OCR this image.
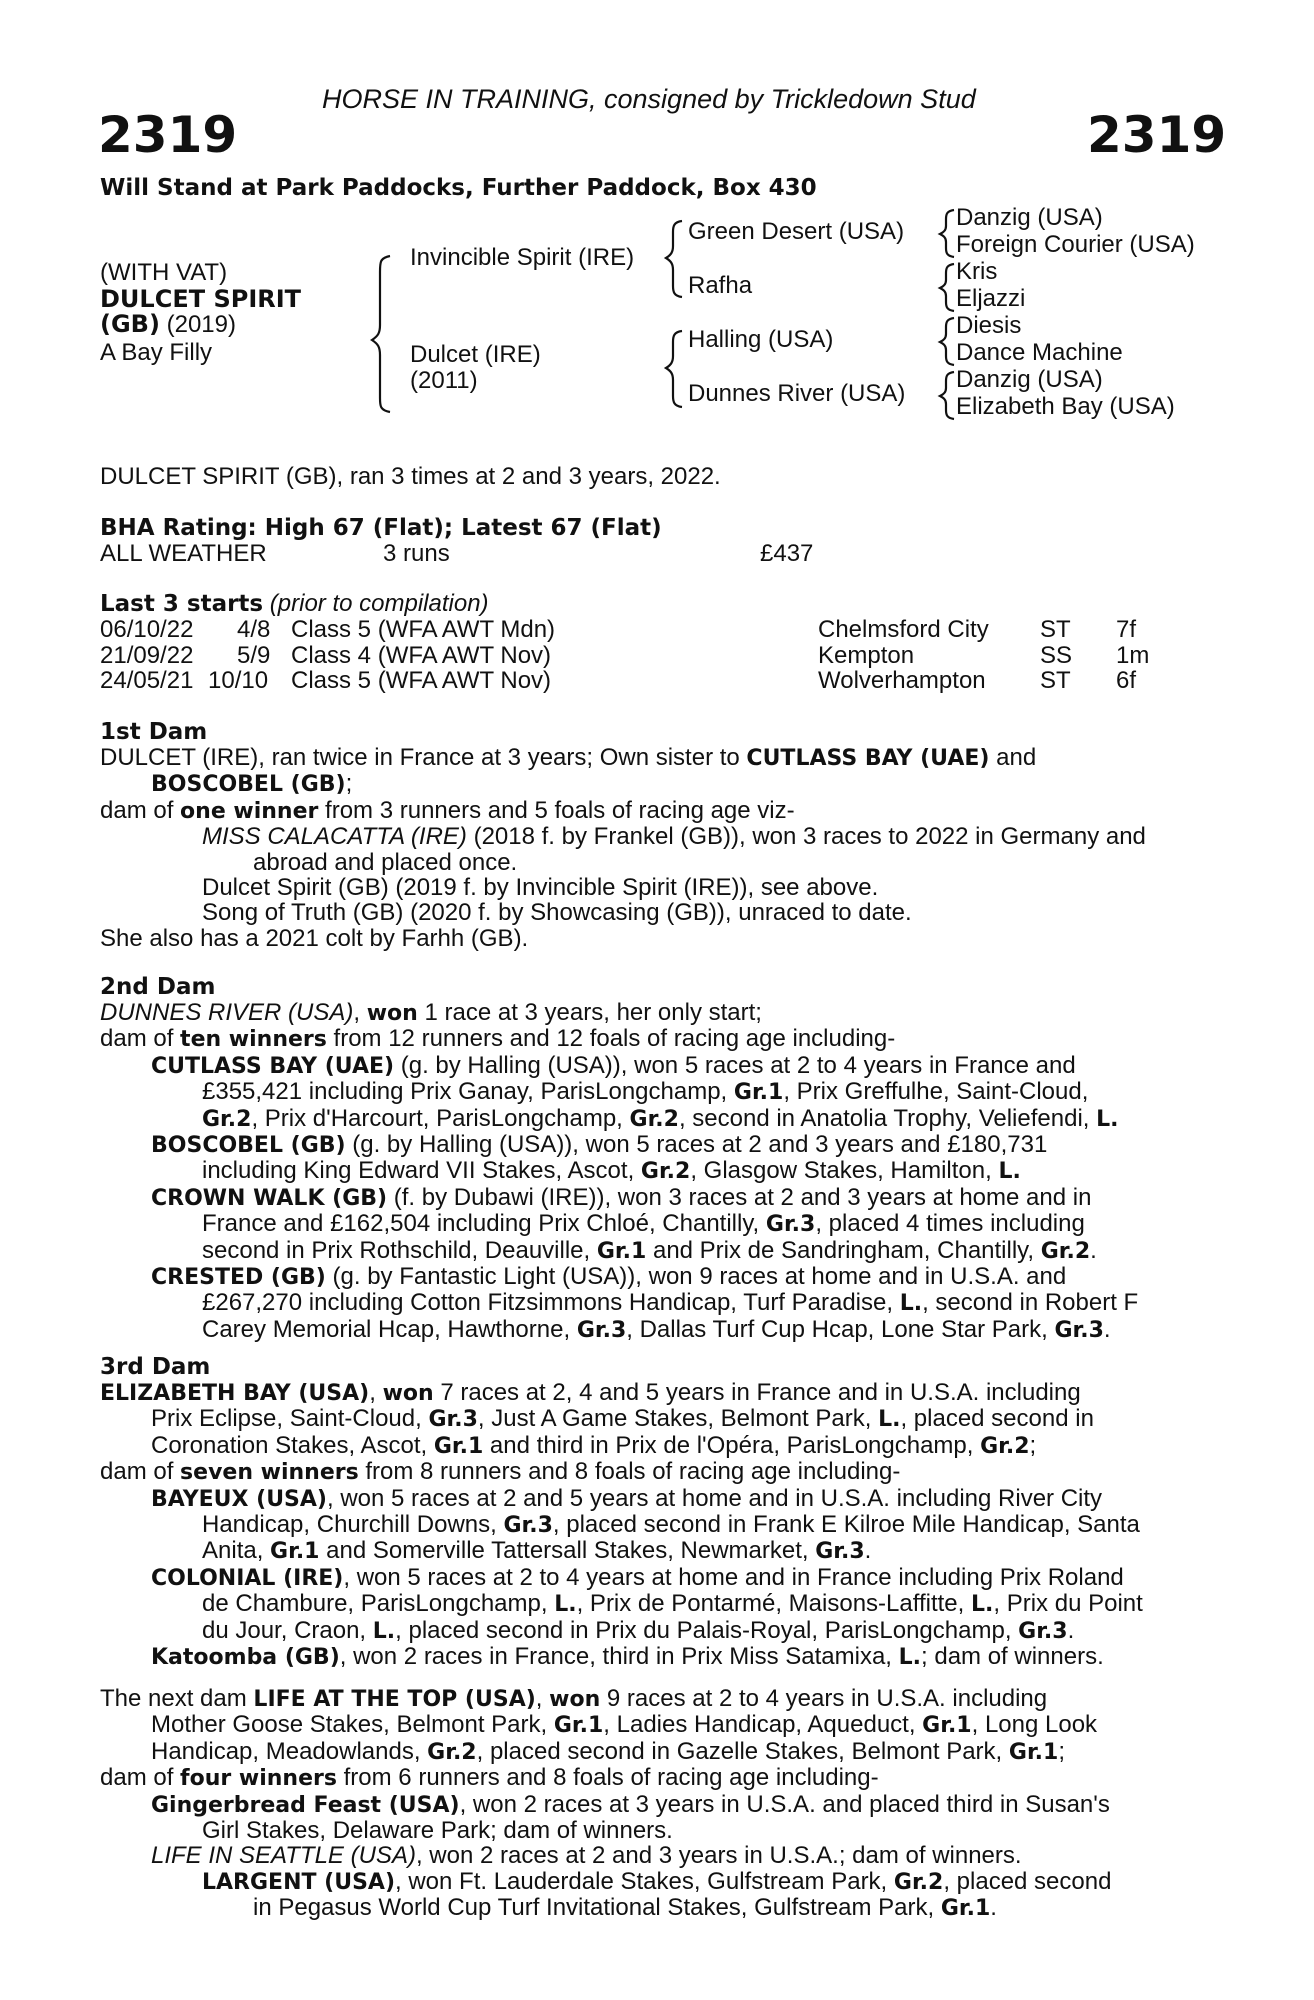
HORSE IN TRAINING, consigned by Trickledown Stud
2319	2319
Will Stand at Park Paddocks, Further Paddock, Box 430
(WITH VAT)
DULCET SPIRIT
(GB) (2019)
A Bay Filly
Invincible Spirit (IRE)
Dulcet (IRE)
(2011)
Green Desert (USA)
Rafha
Halling (USA)
Dunnes River (USA)
Danzig (USA)
Foreign Courier (USA)
Kris
Eljazzi
Diesis
Dance Machine
Danzig (USA)
Elizabeth Bay (USA)
DULCET SPIRIT (GB), ran 3 times at 2 and 3 years, 2022.
BHA Rating: High 67 (Flat); Latest 67 (Flat)
ALL WEATHER	3 runs	£437
Last 3 starts (prior to compilation)
06/10/22 4/8 Class 5 (WFA AWT Mdn)	Chelmsford City ST 7f
21/09/22 5/9 Class 4 (WFA AWT Nov)	Kempton	SS 1m
24/05/21 10/10 Class 5 (WFA AWT Nov)	Wolverhampton ST 6f
1st Dam
DULCET (IRE), ran twice in France at 3 years; Own sister to CUTLASS BAY (UAE) and
BOSCOBEL (GB);
dam of one winner from 3 runners and 5 foals of racing age viz-
MISS CALACATTA (IRE) (2018 f. by Frankel (GB)), won 3 races to 2022 in Germany and
abroad and placed once.
Dulcet Spirit (GB) (2019 f. by Invincible Spirit (IRE)), see above.
Song of Truth (GB) (2020 f. by Showcasing (GB)), unraced to date.
She also has a 2021 colt by Farhh (GB).
2nd Dam
DUNNES RIVER (USA), won 1 race at 3 years, her only start;
dam of ten winners from 12 runners and 12 foals of racing age including-
CUTLASS BAY (UAE) (g. by Halling (USA)), won 5 races at 2 to 4 years in France and
£355,421 including Prix Ganay, ParisLongchamp, Gr.1, Prix Greffulhe, Saint-Cloud,
Gr.2, Prix d'Harcourt, ParisLongchamp, Gr.2, second in Anatolia Trophy, Veliefendi, L.
BOSCOBEL (GB) (g. by Halling (USA)), won 5 races at 2 and 3 years and £180,731
including King Edward VII Stakes, Ascot, Gr.2, Glasgow Stakes, Hamilton, L.
CROWN WALK (GB) (f. by Dubawi (IRE)), won 3 races at 2 and 3 years at home and in
France and £162,504 including Prix Chloé, Chantilly, Gr.3, placed 4 times including
second in Prix Rothschild, Deauville, Gr.1 and Prix de Sandringham, Chantilly, Gr.2.
CRESTED (GB) (g. by Fantastic Light (USA)), won 9 races at home and in U.S.A. and
£267,270 including Cotton Fitzsimmons Handicap, Turf Paradise, L., second in Robert F
Carey Memorial Hcap, Hawthorne, Gr.3, Dallas Turf Cup Hcap, Lone Star Park, Gr.3.
3rd Dam
ELIZABETH BAY (USA), won 7 races at 2, 4 and 5 years in France and in U.S.A. including
Prix Eclipse, Saint-Cloud, Gr.3, Just A Game Stakes, Belmont Park, L., placed second in
Coronation Stakes, Ascot, Gr.1 and third in Prix de l'Opéra, ParisLongchamp, Gr.2;
dam of seven winners from 8 runners and 8 foals of racing age including-
BAYEUX (USA), won 5 races at 2 and 5 years at home and in U.S.A. including River City
Handicap, Churchill Downs, Gr.3, placed second in Frank E Kilroe Mile Handicap, Santa
Anita, Gr.1 and Somerville Tattersall Stakes, Newmarket, Gr.3.
COLONIAL (IRE), won 5 races at 2 to 4 years at home and in France including Prix Roland
de Chambure, ParisLongchamp, L., Prix de Pontarmé, Maisons-Laffitte, L., Prix du Point
du Jour, Craon, L., placed second in Prix du Palais-Royal, ParisLongchamp, Gr.3.
Katoomba (GB), won 2 races in France, third in Prix Miss Satamixa, L.; dam of winners.
The next dam LIFE AT THE TOP (USA), won 9 races at 2 to 4 years in U.S.A. including
Mother Goose Stakes, Belmont Park, Gr.1, Ladies Handicap, Aqueduct, Gr.1, Long Look
Handicap, Meadowlands, Gr.2, placed second in Gazelle Stakes, Belmont Park, Gr.1;
dam of four winners from 6 runners and 8 foals of racing age including-
Gingerbread Feast (USA), won 2 races at 3 years in U.S.A. and placed third in Susan's
Girl Stakes, Delaware Park; dam of winners.
LIFE IN SEATTLE (USA), won 2 races at 2 and 3 years in U.S.A.; dam of winners.
LARGENT (USA), won Ft. Lauderdale Stakes, Gulfstream Park, Gr.2, placed second
in Pegasus World Cup Turf Invitational Stakes, Gulfstream Park, Gr.1.
